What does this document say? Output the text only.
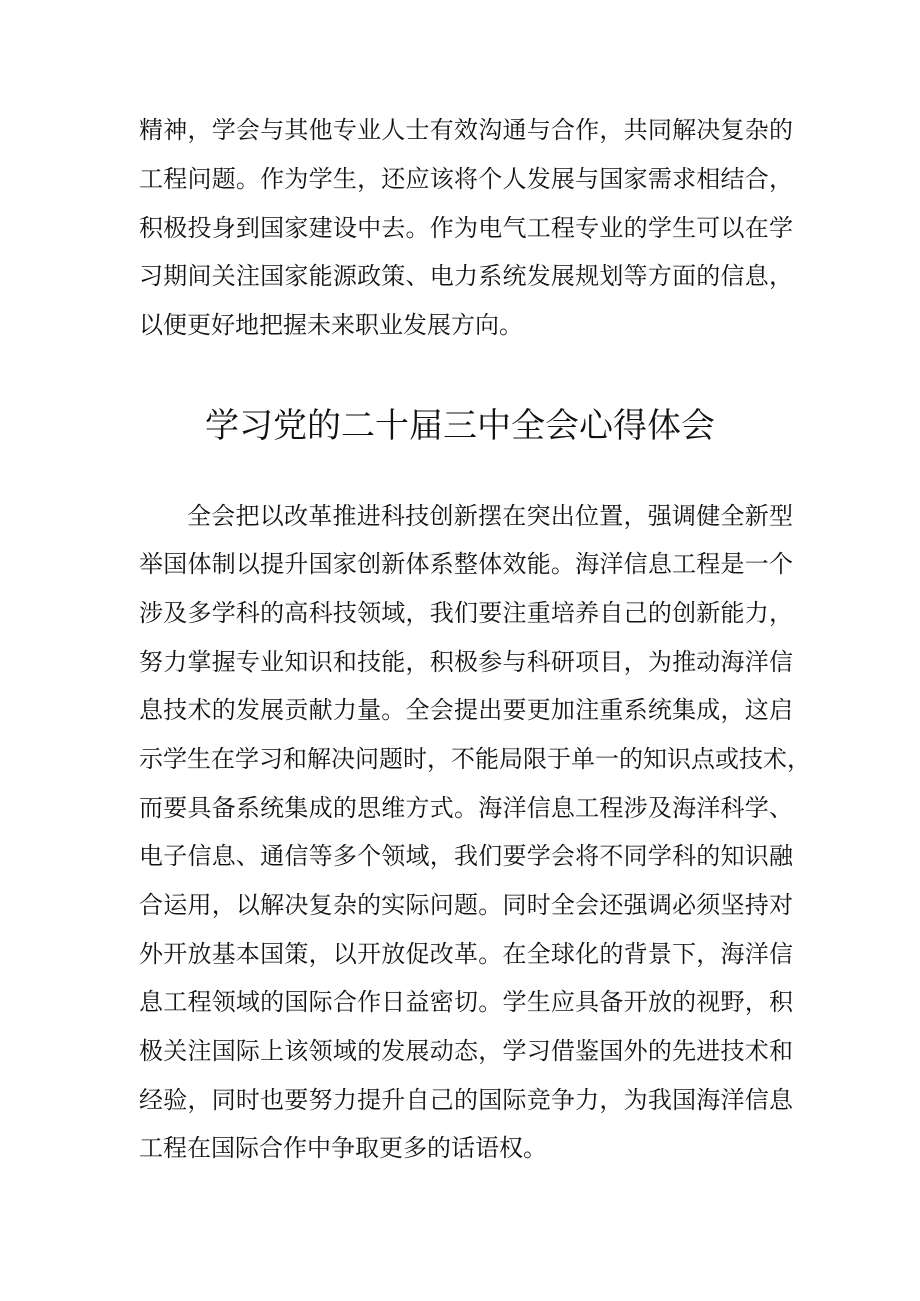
精神，学会与其他专业人士有效沟通与合作，共同解决复杂的
工程问题。作为学生，还应该将个人发展与国家需求相结合，
积极投身到国家建设中去。作为电气工程专业的学生可以在学
习期间关注国家能源政策、电力系统发展规划等方面的信息，
以便更好地把握未来职业发展方向。
学习党的二十届三中全会心得体会
全会把以改革推进科技创新摆在突出位置，强调健全新型
举国体制以提升国家创新体系整体效能。海洋信息工程是一个
涉及多学科的高科技领域，我们要注重培养自己的创新能力，
努力掌握专业知识和技能，积极参与科研项目，为推动海洋信
息技术的发展贡献力量。全会提出要更加注重系统集成，这启
示学生在学习和解决问题时，不能局限于单一的知识点或技术，
而要具备系统集成的思维方式。海洋信息工程涉及海洋科学、
电子信息、通信等多个领域，我们要学会将不同学科的知识融
合运用，以解决复杂的实际问题。同时全会还强调必须坚持对
外开放基本国策，以开放促改革。在全球化的背景下，海洋信
息工程领域的国际合作日益密切。学生应具备开放的视野，积
极关注国际上该领域的发展动态，学习借鉴国外的先进技术和
经验，同时也要努力提升自己的国际竞争力，为我国海洋信息
工程在国际合作中争取更多的话语权。
